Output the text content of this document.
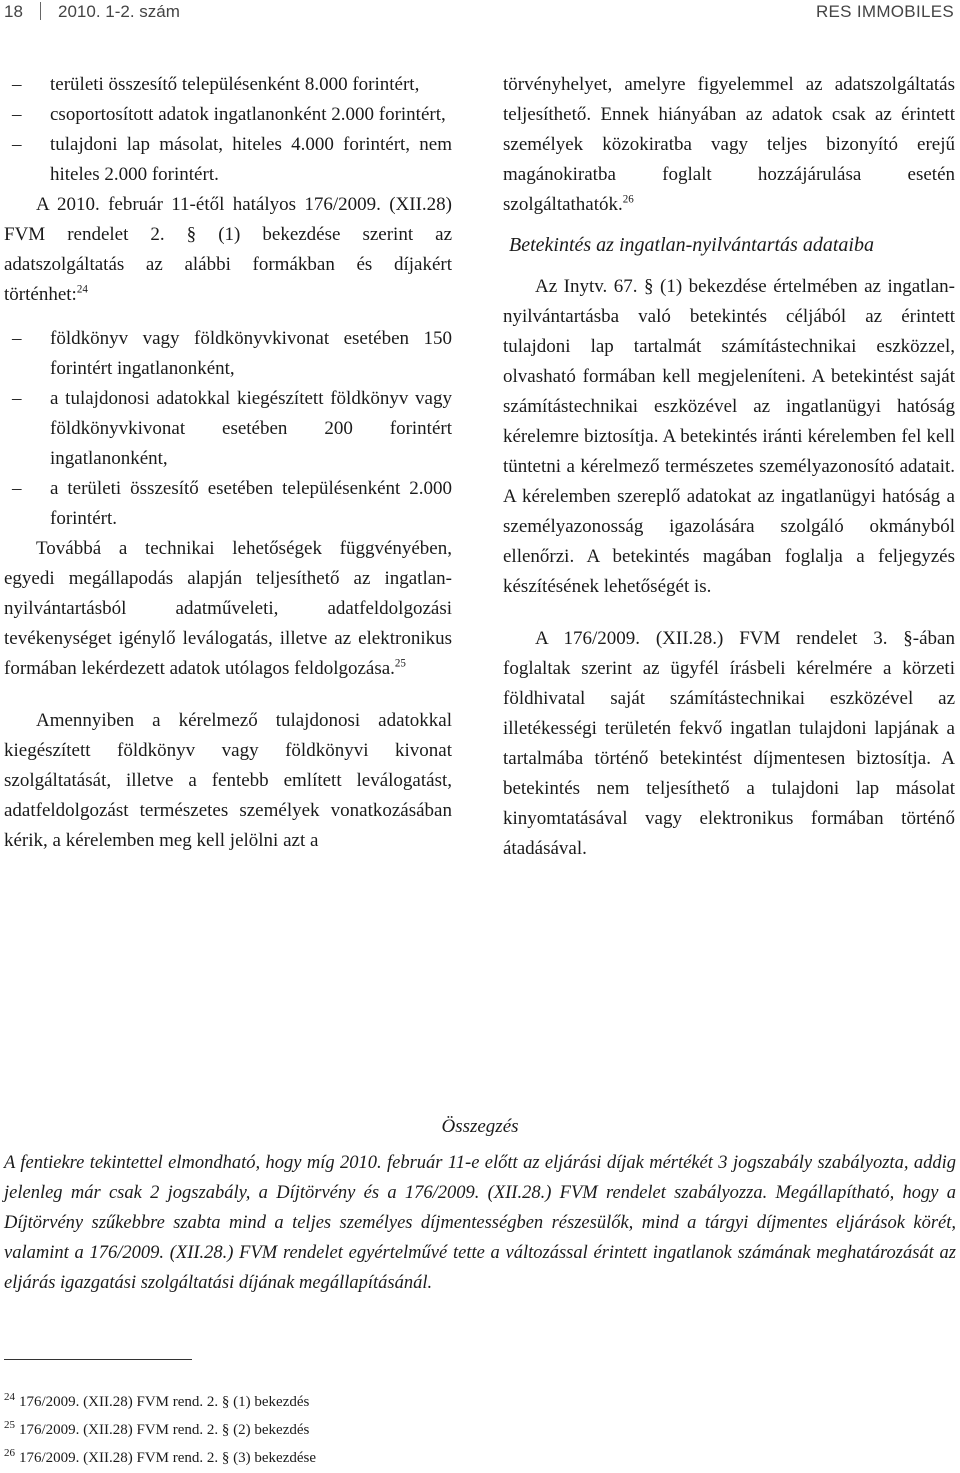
18 2010. 1-2. szám	RES IMMOBILES
– területi összesítő településenként 8.000 forintért,
– csoportosított adatok ingatlanonként 2.000 forintért,
– tulajdoni lap másolat, hiteles 4.000 forintért, nem hiteles 2.000 forintért.

A 2010. február 11-étől hatályos 176/2009. (XII.28) FVM rendelet 2. § (1) bekezdése szerint az adatszolgáltatás az alábbi formákban és díjakért történhet:$^{24}$

– földkönyv vagy földkönyvkivonat esetében 150 forintért ingatlanonként,
– a tulajdonosi adatokkal kiegészített földkönyv vagy földkönyvkivonat esetében 200 forintért ingatlanonként,
– a területi összesítő esetében településenként 2.000 forintért.

Továbbá a technikai lehetőségek függvényében, egyedi megállapodás alapján teljesíthető az ingatlan-nyilvántartásból adatműveleti, adatfeldolgozási tevékenységet igénylő leválogatás, illetve az elektronikus formában lekérdezett adatok utólagos feldolgozása.$^{25}$

Amennyiben a kérelmező tulajdonosi adatokkal kiegészített földkönyv vagy földkönyvi kivonat szolgáltatását, illetve a fentebb említett leválogatást, adatfeldolgozást természetes személyek vonatkozásában kérik, a kérelemben meg kell jelölni azt a

törvényhelyet, amelyre figyelemmel az adatszolgáltatás teljesíthető. Ennek hiányában az adatok csak az érintett személyek közokiratba vagy teljes bizonyító erejű magánokiratba foglalt hozzájárulása esetén szolgáltathatók.$^{26}$

Betekintés az ingatlan-nyilvántartás adataiba

Az Inytv. 67. § (1) bekezdése értelmében az ingatlan-nyilvántartásba való betekintés céljából az érintett tulajdoni lap tartalmát számítástechnikai eszközzel, olvasható formában kell megjeleníteni. A betekintést saját számítástechnikai eszközével az ingatlanügyi hatóság kérelemre biztosítja. A betekintés iránti kérelemben fel kell tüntetni a kérelmező természetes személyazonosító adatait. A kérelemben szereplő adatokat az ingatlanügyi hatóság a személyazonosság igazolására szolgáló okmányból ellenőrzi. A betekintés magában foglalja a feljegyzés készítésének lehetőségét is.

A 176/2009. (XII.28.) FVM rendelet 3. §-ában foglaltak szerint az ügyfél írásbeli kérelmére a körzeti földhivatal saját számítástechnikai eszközével az illetékességi területén fekvő ingatlan tulajdoni lapjának a tartalmába történő betekintést díjmentesen biztosítja. A betekintés nem teljesíthető a tulajdoni lap másolat kinyomtatásával vagy elektronikus formában történő átadásával.

Összegzés

A fentiekre tekintettel elmondható, hogy míg 2010. február 11-e előtt az eljárási díjak mértékét 3 jogszabály szabályozta, addig jelenleg már csak 2 jogszabály, a Díjtörvény és a 176/2009. (XII.28.) FVM rendelet szabályozza. Megállapítható, hogy a Díjtörvény szűkebbre szabta mind a teljes személyes díjmentességben részesülők, mind a tárgyi díjmentes eljárások körét, valamint a 176/2009. (XII.28.) FVM rendelet egyértelművé tette a változással érintett ingatlanok számának meghatározását az eljárás igazgatási szolgáltatási díjának megállapításánál.

$^{24}$ 176/2009. (XII.28) FVM rend. 2. § (1) bekezdés
$^{25}$ 176/2009. (XII.28) FVM rend. 2. § (2) bekezdés
$^{26}$ 176/2009. (XII.28) FVM rend. 2. § (3) bekezdése
